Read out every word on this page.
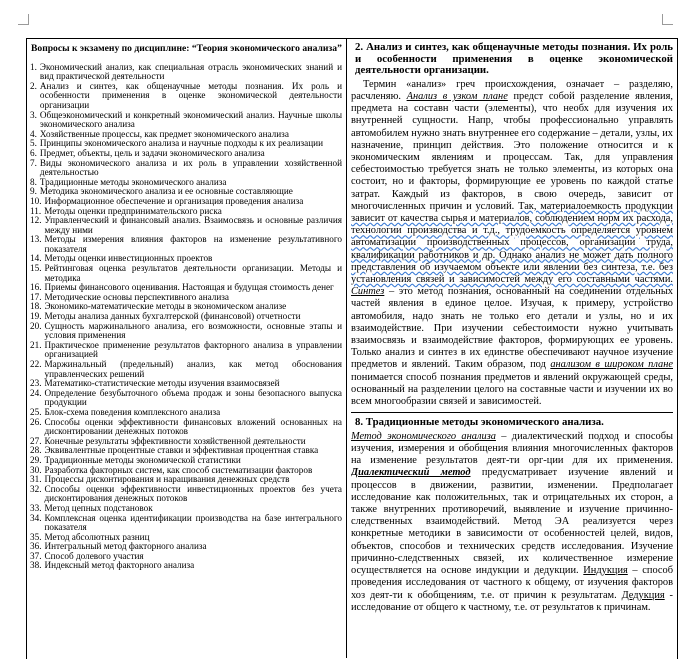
Вопросы к экзамену по дисциплине: “Теория экономического анализа”
1. Экономический анализ, как специальная отрасль экономических знаний и вид практической деятельности
2. Анализ и синтез, как общенаучные методы познания. Их роль и особенности применения в оценке экономической деятельности организации
3. Общеэкономический и конкретный экономический анализ. Научные школы экономического анализа
4. Хозяйственные процессы, как предмет экономического анализа
5. Принципы экономического анализа и научные подходы к их реализации
6. Предмет, объекты, цель и задачи экономического анализа
7. Виды экономического анализа и их роль в управлении хозяйственной деятельностью
8. Традиционные методы экономического анализа
9. Методика экономического анализа и ее основные составляющие
10. Информационное обеспечение и организация проведения анализа
11. Методы оценки предпринимательского риска
12. Управленческий и финансовый анализ. Взаимосвязь и основные различия между ними
13. Методы измерения влияния факторов на изменение результативного показателя
14. Методы оценки инвестиционных проектов
15. Рейтинговая оценка результатов деятельности организации. Методы и методика
16. Приемы финансового оценивания. Настоящая и будущая стоимость денег
17. Методические основы перспективного анализа
18. Экономико-математические методы в экономическом анализе
19. Методы анализа данных бухгалтерской (финансовой) отчетности
20. Сущность маржинального анализа, его возможности, основные этапы и условия применения
21. Практическое применение результатов факторного анализа в управлении организацией
22. Маржинальный (предельный) анализ, как метод обоснования управленческих решений
23. Математико-статистические методы изучения взаимосвязей
24. Определение безубыточного объема продаж и зоны безопасного выпуска продукции
25. Блок-схема поведения комплексного анализа
26. Способы оценки эффективности финансовых вложений основанных на дисконтировании денежных потоков
27. Конечные результаты эффективности хозяйственной деятельности
28. Эквивалентные процентные ставки и эффективная процентная ставка
29. Традиционные методы экономической статистики
30. Разработка факторных систем, как способ систематизации факторов
31. Процессы дисконтирования и наращивания денежных средств
32. Способы оценки эффективности инвестиционных проектов без учета дисконтирования денежных потоков
33. Метод цепных подстановок
34. Комплексная оценка идентификации производства на базе интегрального показателя
35. Метод абсолютных разниц
36. Интегральный метод факторного анализа
37. Способ долевого участия
38. Индексный метод факторного анализа
2. Анализ и синтез, как общенаучные методы познания. Их роль и особенности применения в оценке экономической деятельности организации.

Термин «анализ» греч происхождения, означает – разделяю, расчленяю. Анализ в узком плане предст собой разделение явления, предмета на составн части (элементы), что необх для изучения их внутренней сущности. Напр, чтобы профессионально управлять автомобилем нужно знать внутреннее его содержание – детали, узлы, их назначение, принцип действия. Это положение относится и к экономическим явлениям и процессам. Так, для управления себестоимостью требуется знать не только элементы, из которых она состоит, но и факторы, формирующие ее уровень по каждой статье затрат. Каждый из факторов, в свою очередь, зависит от многочисленных причин и условий. Так, материалоемкость продукции зависит от качества сырья и материалов, соблюдением норм их расхода, технологии производства и т.д., трудоемкость определяется уровнем автоматизации производственных процессов, организации труда, квалификации работников и др. Однако анализ не может дать полного представления об изучаемом объекте или явлении без синтеза, т.е. без установления связей и зависимостей между его составными частями. Синтез – это метод познания, основанный на соединении отдельных частей явления в единое целое. Изучая, к примеру, устройство автомобиля, надо знать не только его детали и узлы, но и их взаимодействие. При изучении себестоимости нужно учитывать взаимосвязь и взаимодействие факторов, формирующих ее уровень. Только анализ и синтез в их единстве обеспечивают научное изучение предметов и явлений. Таким образом, под анализом в широком плане понимается способ познания предметов и явлений окружающей среды, основанный на разделении целого на составные части и изучении их во всем многообразии связей и зависимостей.

8. Традиционные методы экономического анализа.

Метод экономического анализа – диалектический подход и способы изучения, измерения и обобщения влияния многочисленных факторов на изменение результатов деят-ти орг-ции для их применения. Диалектический метод предусматривает изучение явлений и процессов в движении, развитии, изменении. Предполагает исследование как положительных, так и отрицательных их сторон, а также внутренних противоречий, выявление и изучение причинно-следственных взаимодействий. Метод ЭА реализуется через конкретные методики в зависимости от особенностей целей, видов, объектов, способов и технических средств исследования. Изучение причинно-следственных связей, их количественное измерение осуществляется на основе индукции и дедукции. Индукция – способ проведения исследования от частного к общему, от изучения факторов хоз деят-ти к обобщениям, т.е. от причин к результатам. Дедукция - исследование от общего к частному, т.е. от результатов к причинам.
